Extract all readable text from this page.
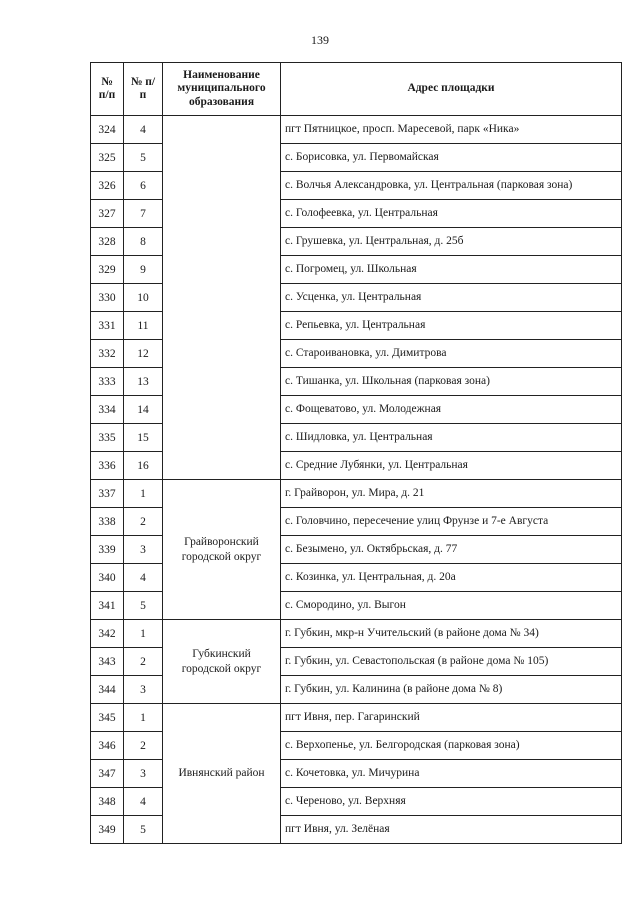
139
№ п/п	№ п/п	Наименование муниципального образования	Адрес площадки
324	4		пгт Пятницкое, просп. Маресевой, парк «Ника»
325	5		с. Борисовка, ул. Первомайская
326	6		с. Волчья Александровка, ул. Центральная (парковая зона)
327	7		с. Голофеевка, ул. Центральная
328	8		с. Грушевка, ул. Центральная, д. 25б
329	9		с. Погромец, ул. Школьная
330	10		с. Усценка, ул. Центральная
331	11		с. Репьевка, ул. Центральная
332	12		с. Староивановка, ул. Димитрова
333	13		с. Тишанка, ул. Школьная (парковая зона)
334	14		с. Фощеватово, ул. Молодежная
335	15		с. Шидловка, ул. Центральная
336	16		с. Средние Лубянки, ул. Центральная
337	1	Грайворонский городской округ	г. Грайворон, ул. Мира, д. 21
338	2		с. Головчино, пересечение улиц Фрунзе и 7-е Августа
339	3		с. Безымено, ул. Октябрьская, д. 77
340	4		с. Козинка, ул. Центральная, д. 20а
341	5		с. Смородино, ул. Выгон
342	1	Губкинский городской округ	г. Губкин, мкр-н Учительский (в районе дома № 34)
343	2		г. Губкин, ул. Севастопольская (в районе дома № 105)
344	3		г. Губкин, ул. Калинина (в районе дома № 8)
345	1	Ивнянский район	пгт Ивня, пер. Гагаринский
346	2		с. Верхопенье, ул. Белгородская (парковая зона)
347	3		с. Кочетовка, ул. Мичурина
348	4		с. Череново, ул. Верхняя
349	5		пгт Ивня, ул. Зелёная
